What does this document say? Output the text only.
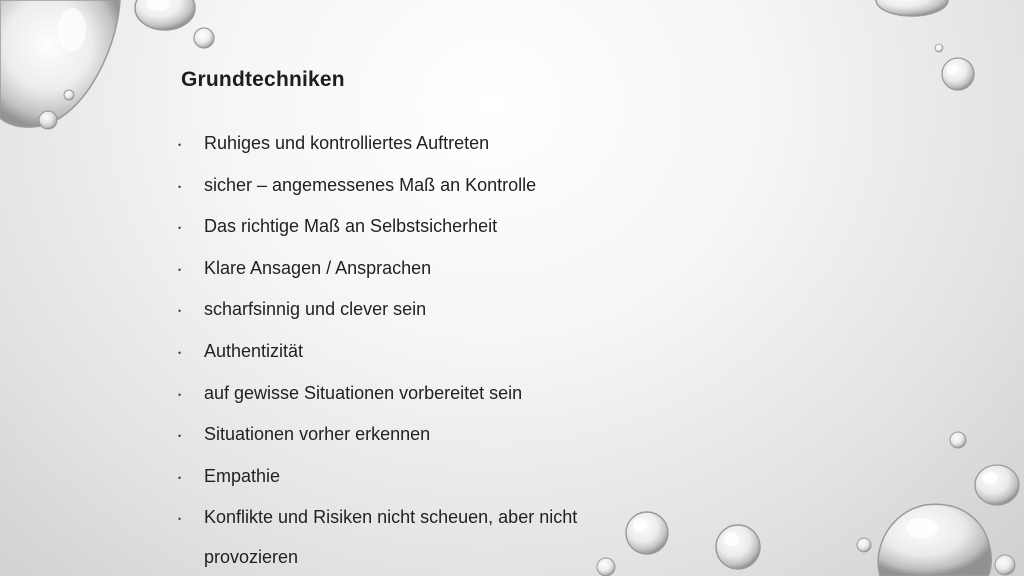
Grundtechniken
•	Ruhiges und kontrolliertes Auftreten
•	sicher – angemessenes Maß an Kontrolle
•	Das richtige Maß an Selbstsicherheit
•	Klare Ansagen / Ansprachen
•	scharfsinnig und clever sein
•	Authentizität
•	auf gewisse Situationen vorbereitet sein
•	Situationen vorher erkennen
•	Empathie
•	Konflikte und Risiken nicht scheuen, aber nicht provozieren
